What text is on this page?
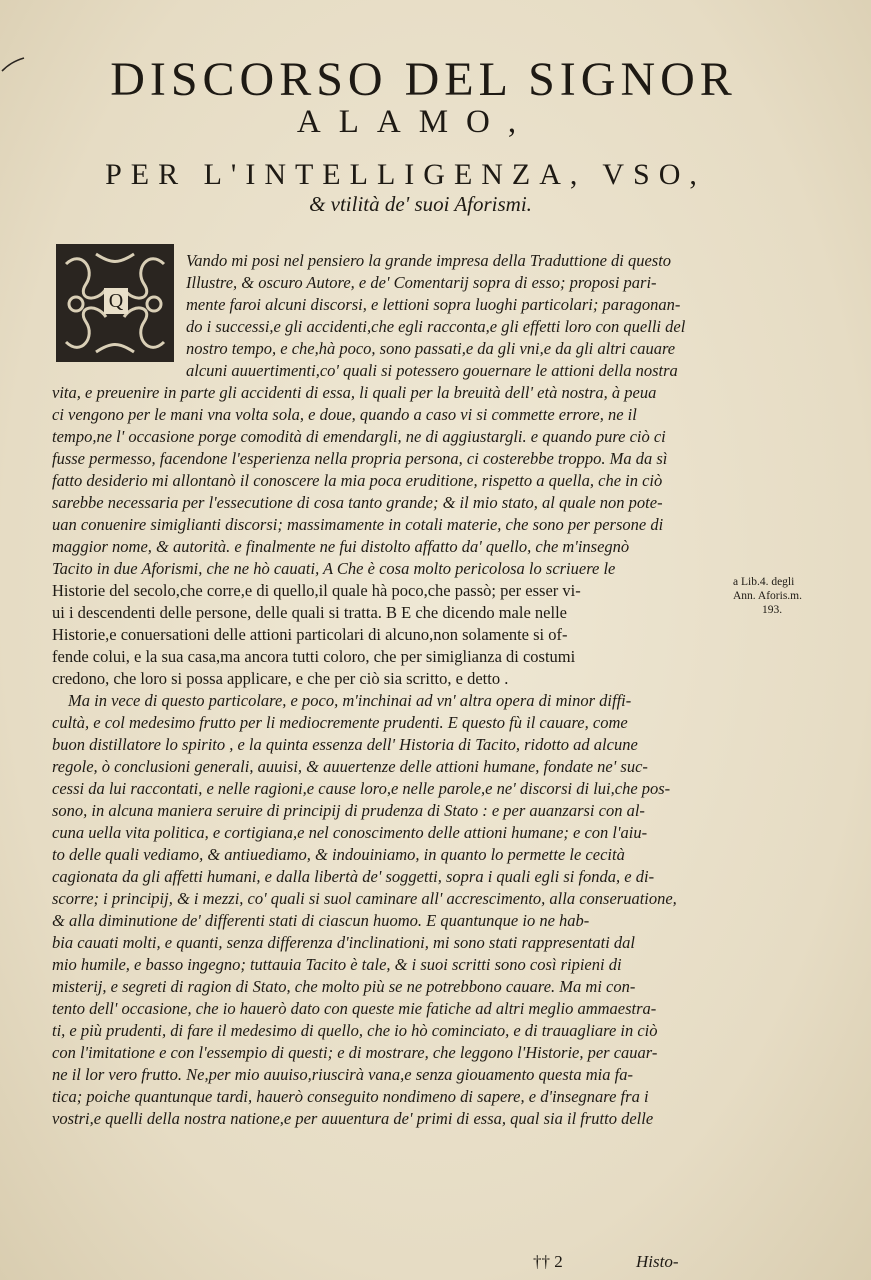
DISCORSO DEL SIGNOR
ALAMO,
PER L'INTELLIGENZA, VSO,
& vtilità de' suoi Aforismi.
Q
Vando mi posi nel pensiero la grande impresa della Traduttione di questo
Illustre, & oscuro Autore, e de' Comentarij sopra di esso; proposi pari-
mente faroi alcuni discorsi, e lettioni sopra luoghi particolari; paragonan-
do i successi,e gli accidenti,che egli racconta,e gli effetti loro con quelli del
nostro tempo, e che,hà poco, sono passati,e da gli vni,e da gli altri cauare
alcuni auuertimenti,co' quali si potessero gouernare le attioni della nostra
vita, e preuenire in parte gli accidenti di essa, li quali per la breuità dell' età nostra, à peua
ci vengono per le mani vna volta sola, e doue, quando a caso vi si commette errore, ne il
tempo,ne l' occasione porge comodità di emendargli, ne di aggiustargli. e quando pure ciò ci
fusse permesso, facendone l'esperienza nella propria persona, ci costerebbe troppo. Ma da sì
fatto desiderio mi allontanò il conoscere la mia poca eruditione, rispetto a quella, che in ciò
sarebbe necessaria per l'essecutione di cosa tanto grande; & il mio stato, al quale non pote-
uan conuenire simiglianti discorsi; massimamente in cotali materie, che sono per persone di
maggior nome, & autorità. e finalmente ne fui distolto affatto da' quello, che m'insegnò
Tacito in due Aforismi, che ne hò cauati, A Che è cosa molto pericolosa lo scriuere le
Historie del secolo,che corre,e di quello,il quale hà poco,che passò; per esser vi-
ui i descendenti delle persone, delle quali si tratta. B E che dicendo male nelle
Historie,e conuersationi delle attioni particolari di alcuno,non solamente si of-
fende colui, e la sua casa,ma ancora tutti coloro, che per simiglianza di costumi
credono, che loro si possa applicare, e che per ciò sia scritto, e detto .
Ma in vece di questo particolare, e poco, m'inchinai ad vn' altra opera di minor diffi-
cultà, e col medesimo frutto per li mediocremente prudenti. E questo fù il cauare, come
buon distillatore lo spirito , e la quinta essenza dell' Historia di Tacito, ridotto ad alcune
regole, ò conclusioni generali, auuisi, & auuertenze delle attioni humane, fondate ne' suc-
cessi da lui raccontati, e nelle ragioni,e cause loro,e nelle parole,e ne' discorsi di lui,che pos-
sono, in alcuna maniera seruire di principij di prudenza di Stato : e per auanzarsi con al-
cuna uella vita politica, e cortigiana,e nel conoscimento delle attioni humane; e con l'aiu-
to delle quali vediamo, & antiuediamo, & indouiniamo, in quanto lo permette le cecità
cagionata da gli affetti humani, e dalla libertà de' soggetti, sopra i quali egli si fonda, e di-
scorre; i principij, & i mezzi, co' quali si suol caminare all' accrescimento, alla conseruatione,
& alla diminutione de' differenti stati di ciascun huomo. E quantunque io ne hab-
bia cauati molti, e quanti, senza differenza d'inclinationi, mi sono stati rappresentati dal
mio humile, e basso ingegno; tuttauia Tacito è tale, & i suoi scritti sono così ripieni di
misterij, e segreti di ragion di Stato, che molto più se ne potrebbono cauare. Ma mi con-
tento dell' occasione, che io hauerò dato con queste mie fatiche ad altri meglio ammaestra-
ti, e più prudenti, di fare il medesimo di quello, che io hò cominciato, e di trauagliare in ciò
con l'imitatione e con l'essempio di questi; e di mostrare, che leggono l'Historie, per cauar-
ne il lor vero frutto. Ne,per mio auuiso,riuscirà vana,e senza giouamento questa mia fa-
tica; poiche quantunque tardi, hauerò conseguito nondimeno di sapere, e d'insegnare fra i
vostri,e quelli della nostra natione,e per auuentura de' primi di essa, qual sia il frutto delle
a Lib.4. degli
Ann. Aforis.m.
193.
†† 2	Histo-
